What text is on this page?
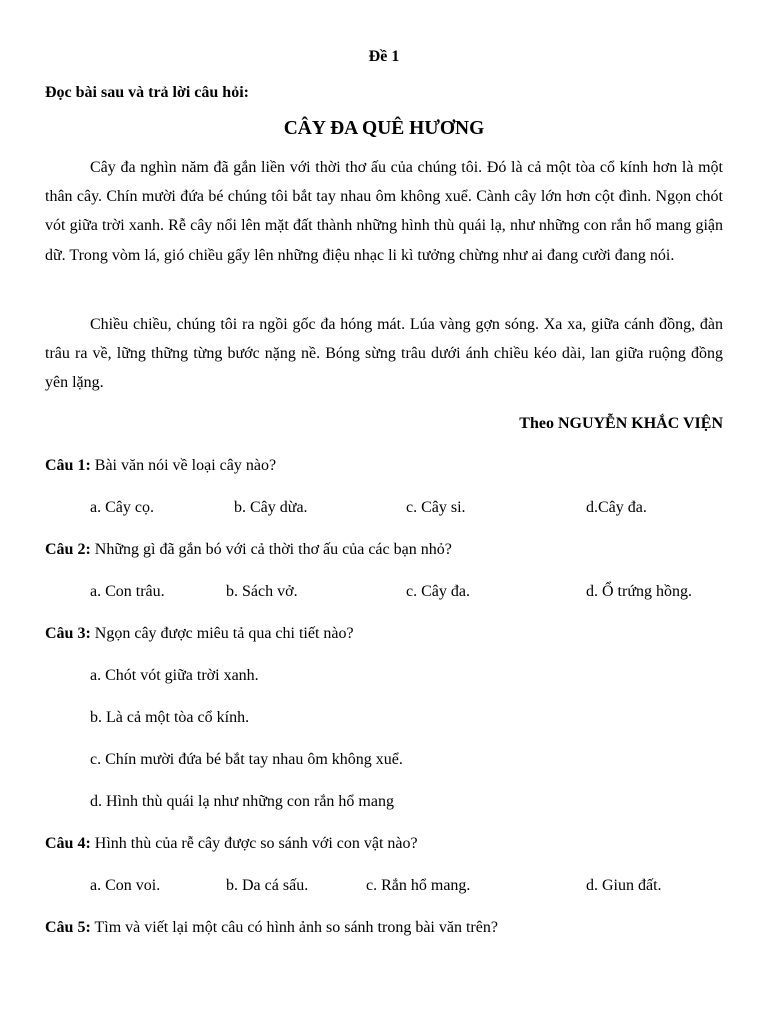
Đề 1
Đọc bài sau và trả lời câu hỏi:
CÂY ĐA QUÊ HƯƠNG

Cây đa nghìn năm đã gắn liền với thời thơ ấu của chúng tôi. Đó là cả một tòa cổ kính hơn là một thân cây. Chín mười đứa bé chúng tôi bắt tay nhau ôm không xuể. Cành cây lớn hơn cột đình. Ngọn chót vót giữa trời xanh. Rễ cây nổi lên mặt đất thành những hình thù quái lạ, như những con rắn hổ mang giận dữ. Trong vòm lá, gió chiều gẩy lên những điệu nhạc li kì tưởng chừng như ai đang cười đang nói.

Chiều chiều, chúng tôi ra ngồi gốc đa hóng mát. Lúa vàng gợn sóng. Xa xa, giữa cánh đồng, đàn trâu ra về, lững thững từng bước nặng nề. Bóng sừng trâu dưới ánh chiều kéo dài, lan giữa ruộng đồng yên lặng.

Theo NGUYỄN KHẮC VIỆN
Câu 1: Bài văn nói về loại cây nào?
a. Cây cọ.	b. Cây dừa.	c. Cây si.	d.Cây đa.
Câu 2: Những gì đã gắn bó với cả thời thơ ấu của các bạn nhỏ?
a. Con trâu.	b. Sách vở.	c. Cây đa.	d. Ổ trứng hồng.
Câu 3: Ngọn cây được miêu tả qua chi tiết nào?
a. Chót vót giữa trời xanh.
b. Là cả một tòa cổ kính.
c. Chín mười đứa bé bắt tay nhau ôm không xuể.
d. Hình thù quái lạ như những con rắn hổ mang
Câu 4: Hình thù của rễ cây được so sánh với con vật nào?
a. Con voi.	b. Da cá sấu.	c. Rắn hổ mang.	d. Giun đất.
Câu 5: Tìm và viết lại một câu có hình ảnh so sánh trong bài văn trên?
